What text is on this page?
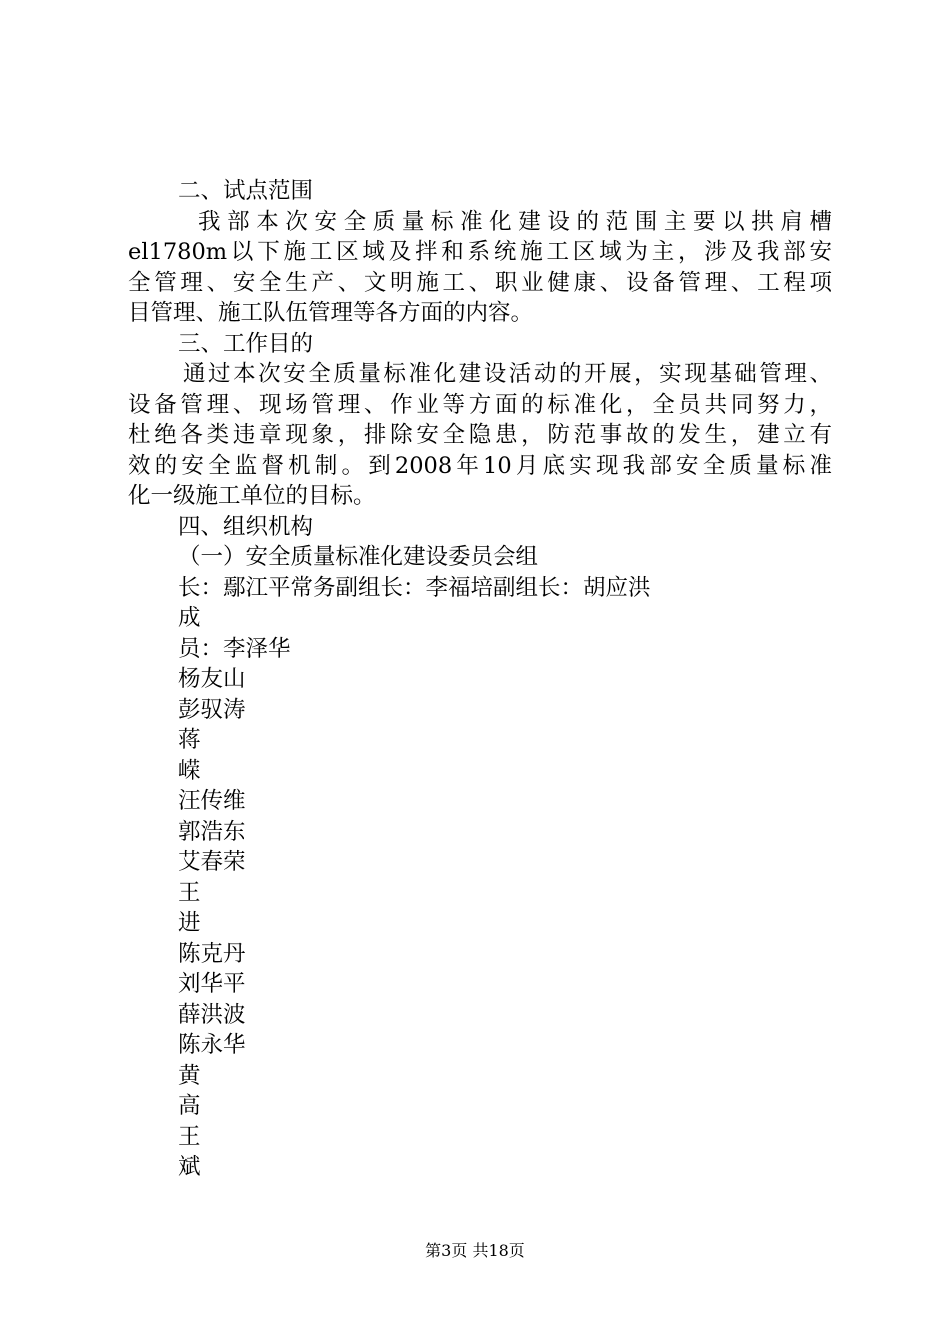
二、试点范围
我部本次安全质量标准化建设的范围主要以拱肩槽
el1780m以下施工区域及拌和系统施工区域为主，涉及我部安
全管理、安全生产、文明施工、职业健康、设备管理、工程项
目管理、施工队伍管理等各方面的内容。
三、工作目的
通过本次安全质量标准化建设活动的开展，实现基础管理、
设备管理、现场管理、作业等方面的标准化，全员共同努力，
杜绝各类违章现象，排除安全隐患，防范事故的发生，建立有
效的安全监督机制。到2008年10月底实现我部安全质量标准
化一级施工单位的目标。
四、组织机构
（一）安全质量标准化建设委员会组
长：鄢江平常务副组长：李福培副组长：胡应洪
成
员：李泽华
杨友山
彭驭涛
蒋
嵘
汪传维
郭浩东
艾春荣
王
进
陈克丹
刘华平
薛洪波
陈永华
黄
高
王
斌
第3页 共18页
